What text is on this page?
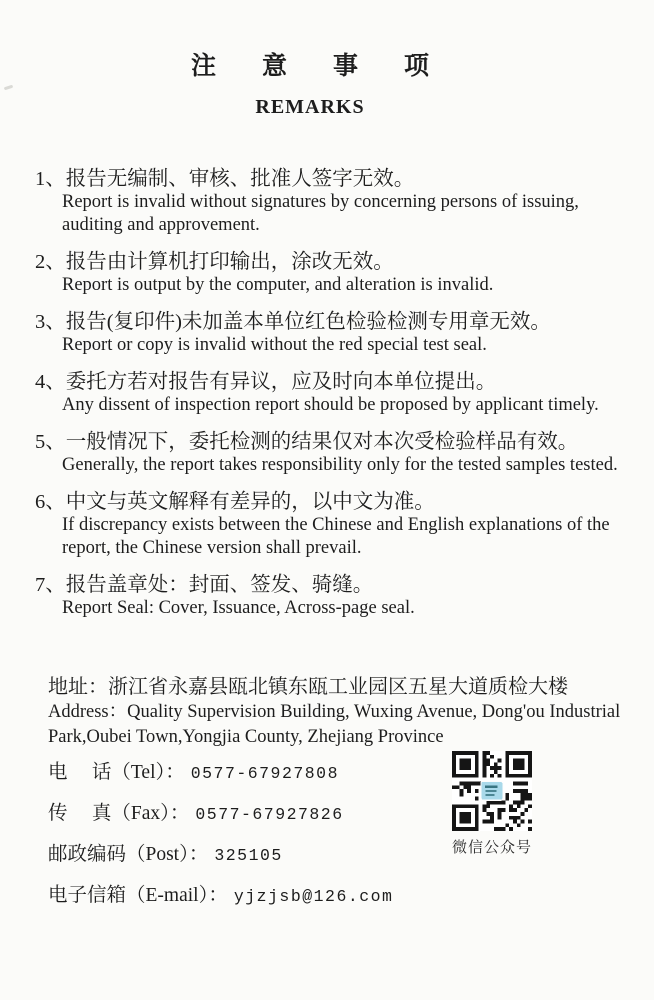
注意事项
REMARKS
1、报告无编制、审核、批准人签字无效。
Report is invalid without signatures by concerning persons of issuing,
auditing and approvement.
2、报告由计算机打印输出，涂改无效。
Report is output by the computer, and alteration is invalid.
3、报告(复印件)未加盖本单位红色检验检测专用章无效。
Report or copy is invalid without the red special test seal.
4、委托方若对报告有异议，应及时向本单位提出。
Any dissent of inspection report should be proposed by applicant timely.
5、一般情况下，委托检测的结果仅对本次受检验样品有效。
Generally, the report takes responsibility only for the tested samples tested.
6、中文与英文解释有差异的，以中文为准。
If discrepancy exists between the Chinese and English explanations of the
report, the Chinese version shall prevail.
7、报告盖章处：封面、签发、骑缝。
Report Seal: Cover, Issuance, Across-page seal.
地址：浙江省永嘉县瓯北镇东瓯工业园区五星大道质检大楼
Address：Quality Supervision Building, Wuxing Avenue, Dong'ou Industrial
Park,Oubei Town,Yongjia County, Zhejiang Province
电　 话（Tel）： 0577-67927808
传　 真（Fax）： 0577-67927826
邮政编码（Post）： 325105
电子信箱（E-mail）： yjzjsb@126.com
微信公众号
